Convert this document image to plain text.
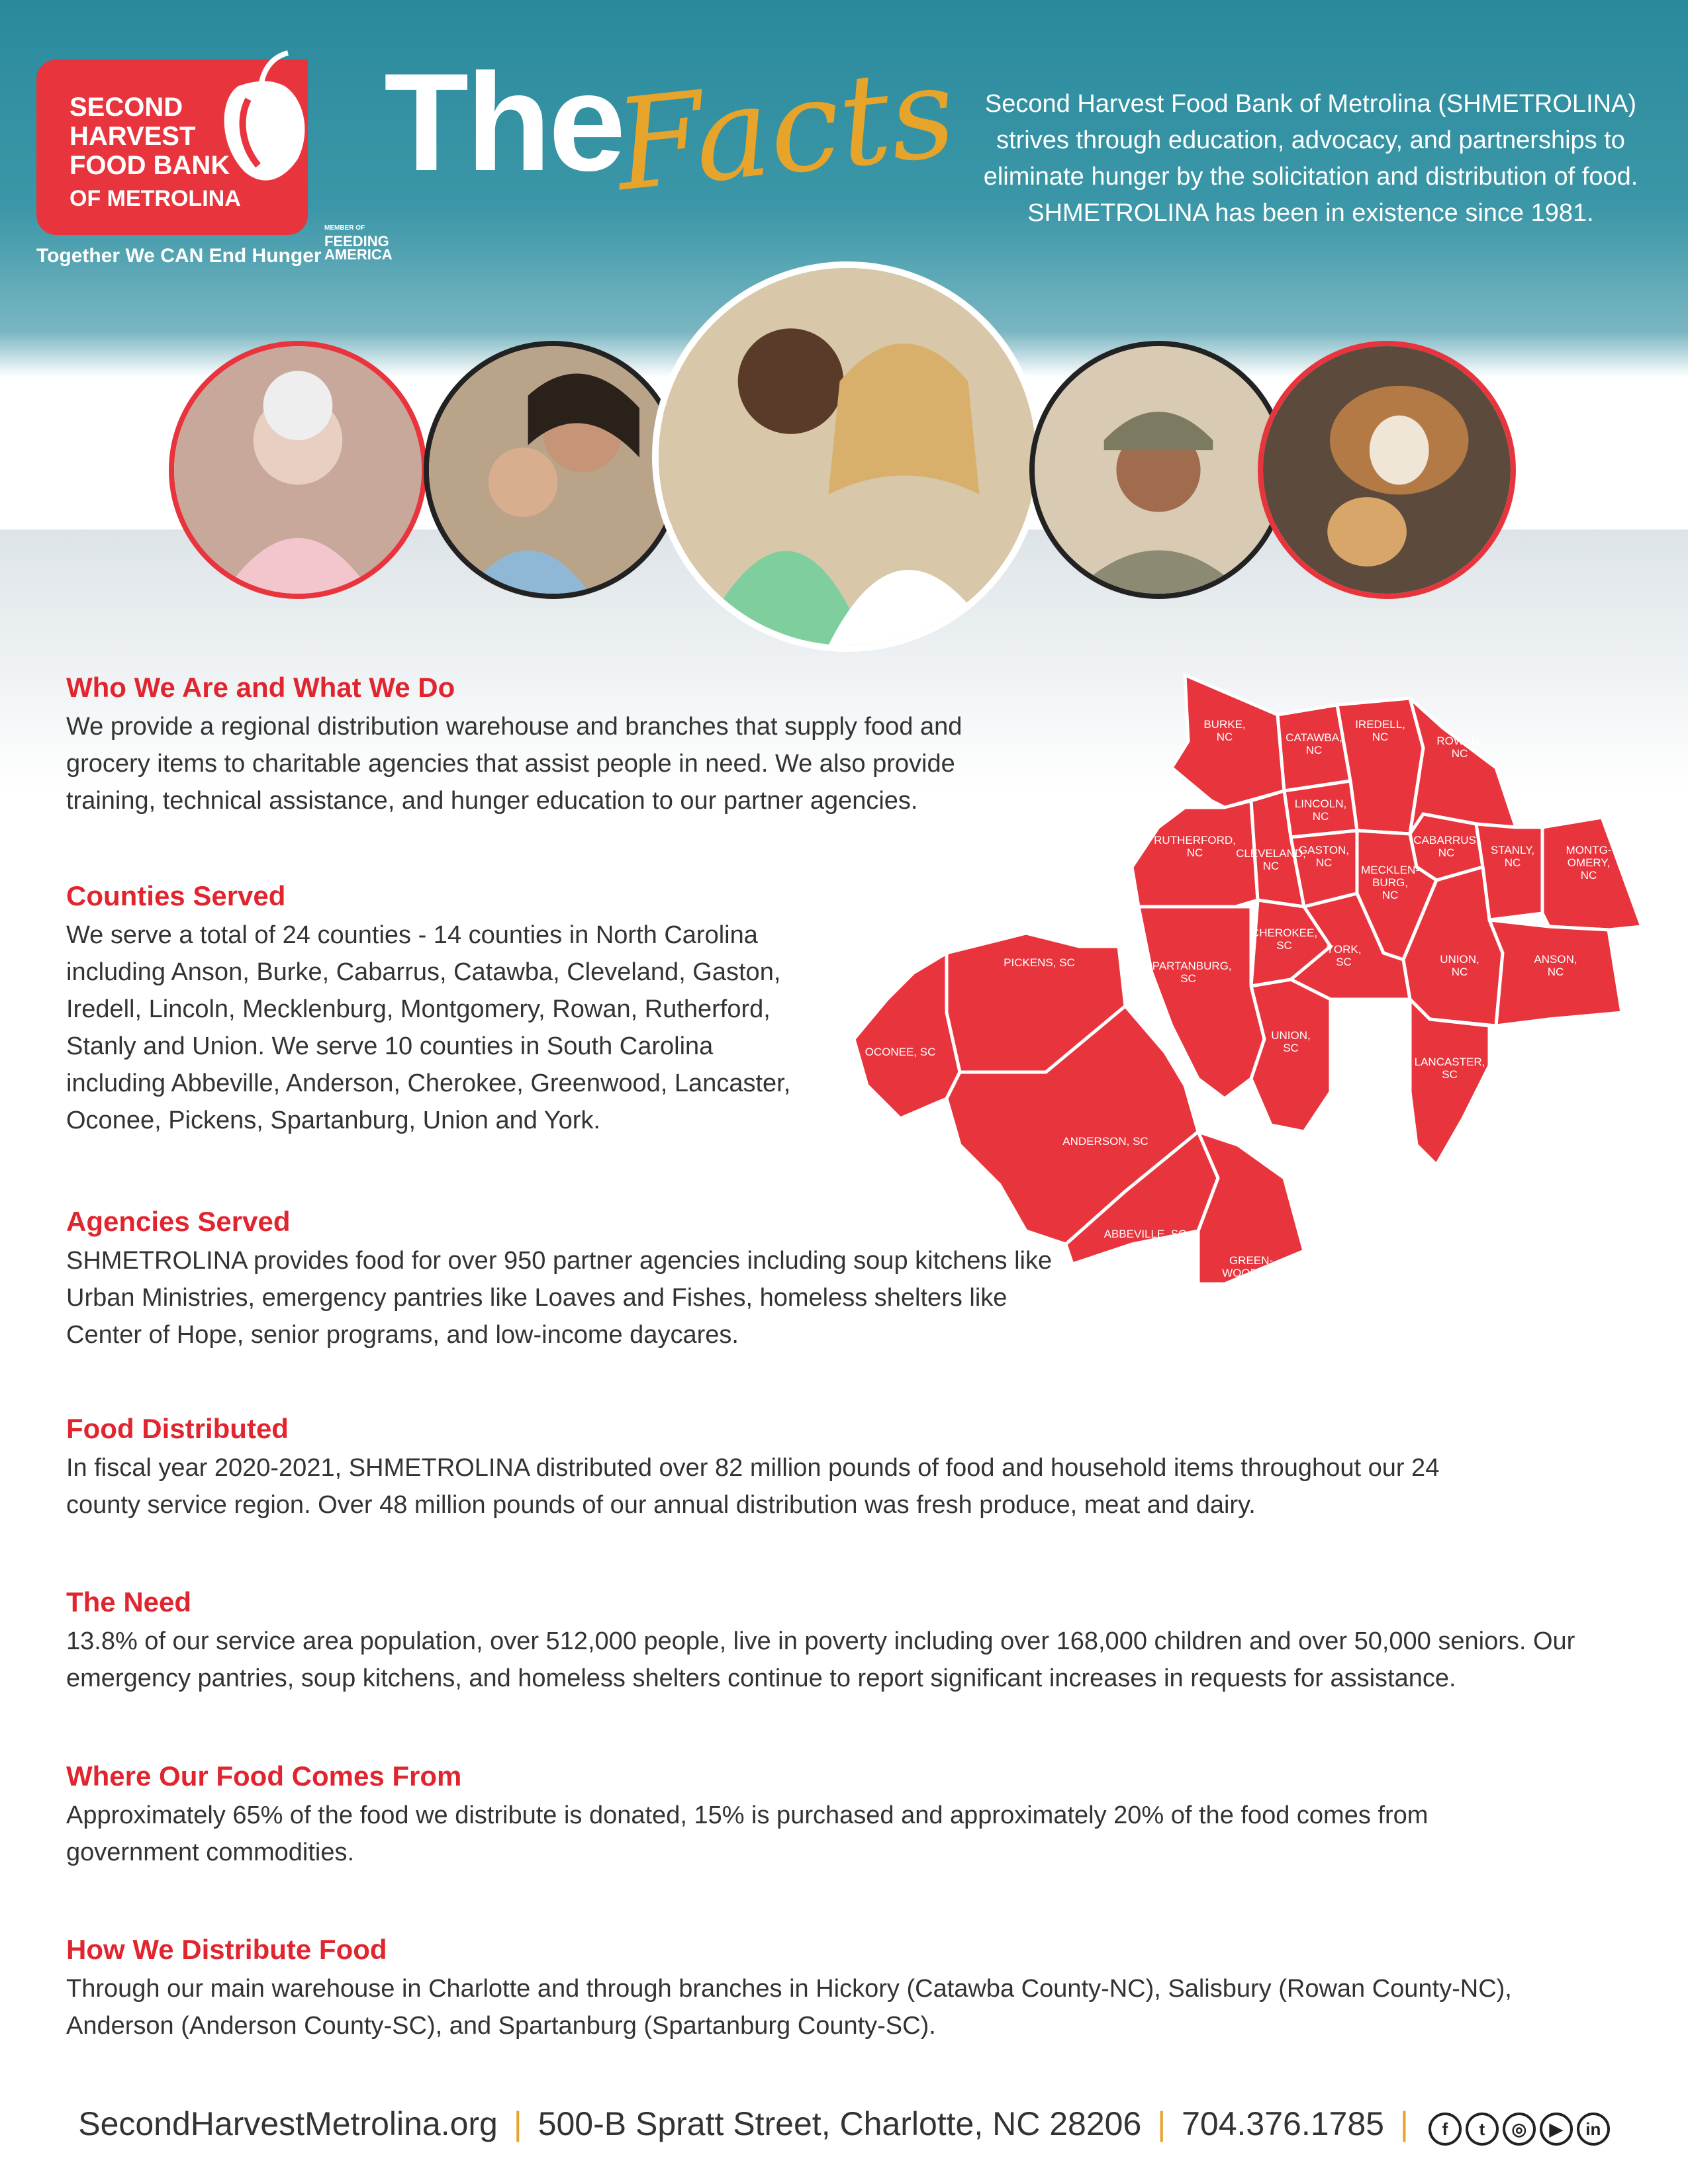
SECOND
HARVEST
FOOD BANK
OF METROLINA
Together We CAN End Hunger
MEMBER OF
FEEDING
AMERICA
The
Facts Second Harvest Food Bank of Metrolina (SHMETROLINA) strives through education, advocacy, and partnerships to eliminate hunger by the solicitation and distribution of food. SHMETROLINA has been in existence since 1981.
Who We Are and What We Do
We provide a regional distribution warehouse and branches that supply food and grocery items to charitable agencies that assist people in need. We also provide training, technical assistance, and hunger education to our partner agencies.
Counties Served
We serve a total of 24 counties - 14 counties in North Carolina including Anson, Burke, Cabarrus, Catawba, Cleveland, Gaston, Iredell, Lincoln, Mecklenburg, Montgomery, Rowan, Rutherford, Stanly and Union. We serve 10 counties in South Carolina including Abbeville, Anderson, Cherokee, Greenwood, Lancaster, Oconee, Pickens, Spartanburg, Union and York.
Agencies Served
SHMETROLINA provides food for over 950 partner agencies including soup kitchens like Urban Ministries, emergency pantries like Loaves and Fishes, homeless shelters like Center of Hope, senior programs, and low-income daycares.
Food Distributed
In fiscal year 2020-2021, SHMETROLINA distributed over 82 million pounds of food and household items throughout our 24 county service region. Over 48 million pounds of our annual distribution was fresh produce, meat and dairy.
The Need
13.8% of our service area population, over 512,000 people, live in poverty including over 168,000 children and over 50,000 seniors. Our emergency pantries, soup kitchens, and homeless shelters continue to report significant increases in requests for assistance.
Where Our Food Comes From
Approximately 65% of the food we distribute is donated, 15% is purchased and approximately 20% of the food comes from government commodities.
How We Distribute Food
Through our main warehouse in Charlotte and through branches in Hickory (Catawba County-NC), Salisbury (Rowan County-NC), Anderson (Anderson County-SC), and Spartanburg (Spartanburg County-SC).
BURKE, NC	CATAWBA, NC
IREDELL, NC	ROWAN, NC
RUTHERFORD, NC
LINCOLN, NC
CLEVELAND, NC
GASTON, NC
CABARRUS, NC	STANLY, NC
MONTG-OMERY, NC
MECKLEN-BURG, NC
CHEROKEE, SC	YORK, SC	UNION, NC
ANSON, NC
SPARTANBURG, SC
UNION, SC
LANCASTER, SC
PICKENS, SC
OCONEE, SC
ANDERSON, SC
ABBEVILLE, SC
GREEN-WOOD, SC
SecondHarvestMetrolina.org | 500-B Spratt Street, Charlotte, NC 28206 | 704.376.1785 | f t ◎ ▶ in
